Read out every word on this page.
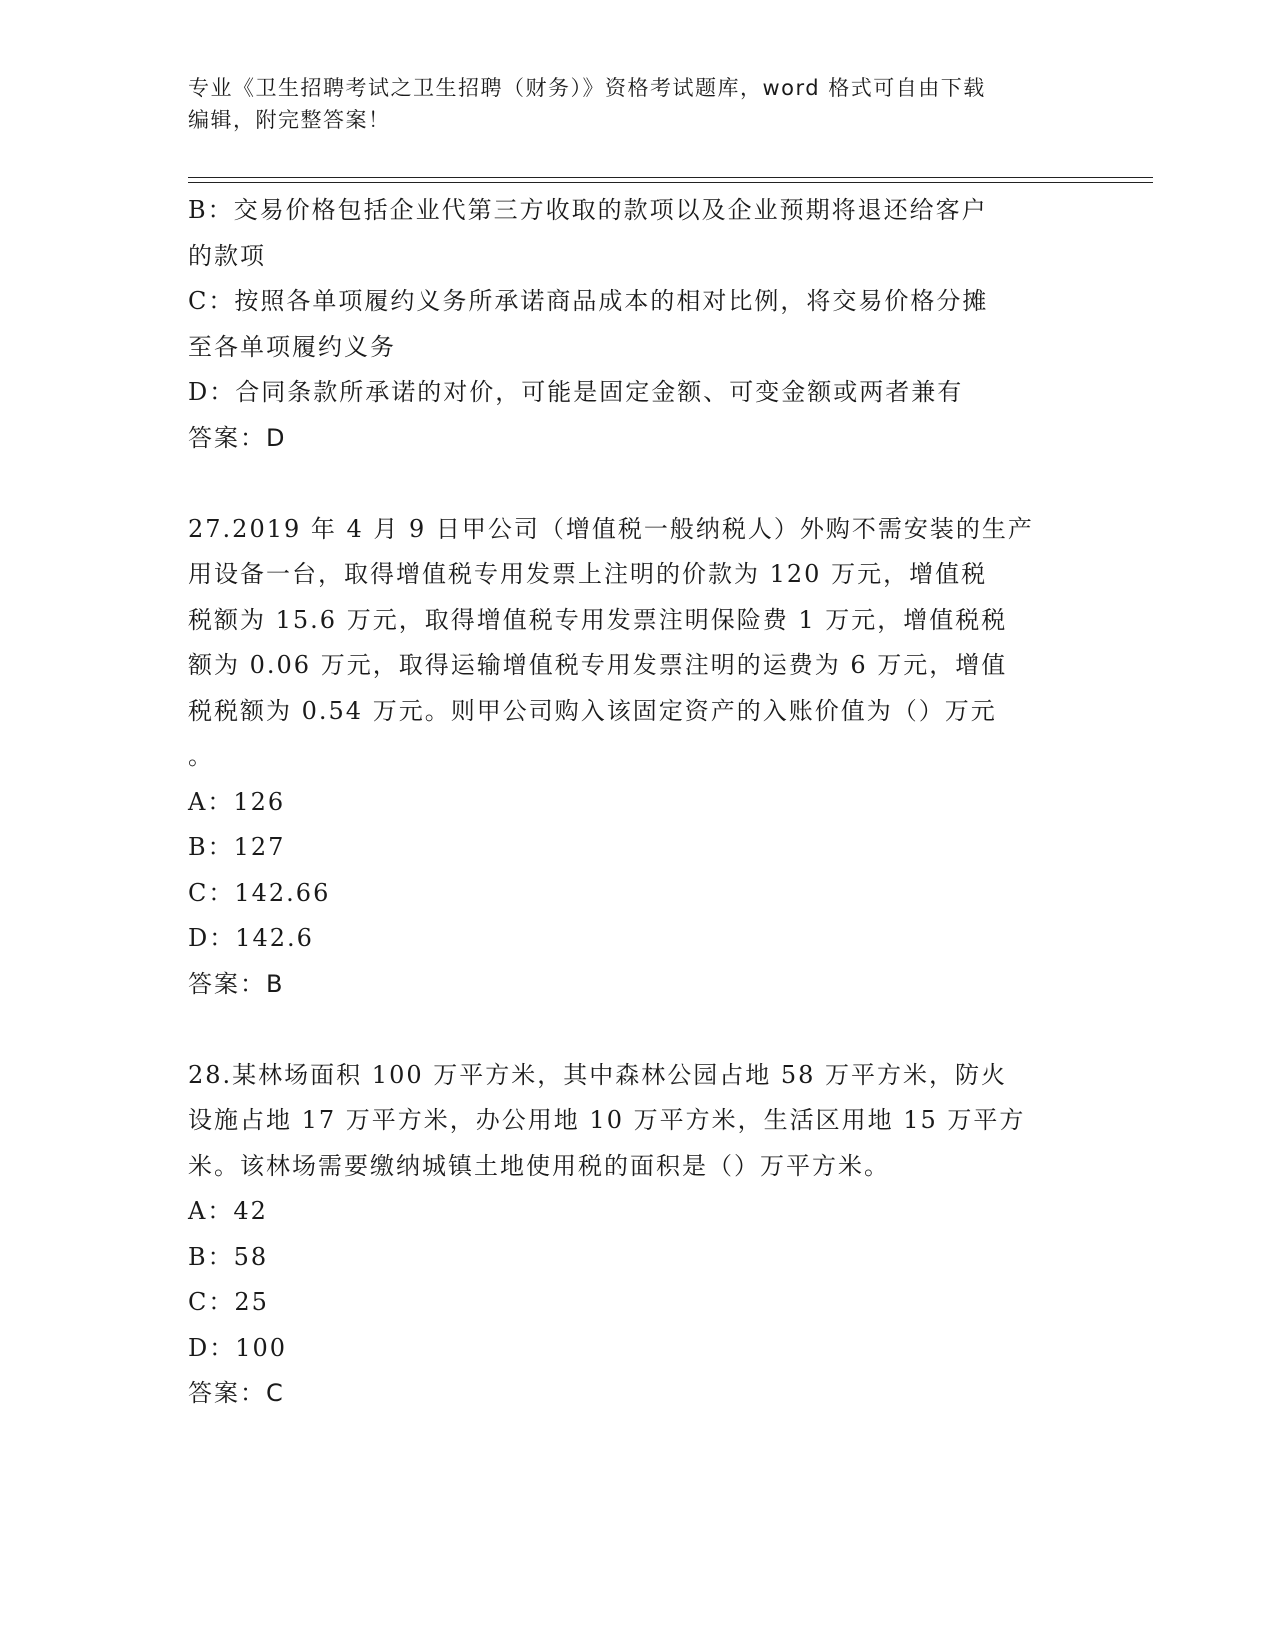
专业《卫生招聘考试之卫生招聘（财务）》资格考试题库，word 格式可自由下载
编辑，附完整答案！
B：交易价格包括企业代第三方收取的款项以及企业预期将退还给客户
的款项
C：按照各单项履约义务所承诺商品成本的相对比例，将交易价格分摊
至各单项履约义务
D：合同条款所承诺的对价，可能是固定金额、可变金额或两者兼有
答案：D
27.2019 年 4 月 9 日甲公司（增值税一般纳税人）外购不需安装的生产
用设备一台，取得增值税专用发票上注明的价款为 120 万元，增值税
税额为 15.6 万元，取得增值税专用发票注明保险费 1 万元，增值税税
额为 0.06 万元，取得运输增值税专用发票注明的运费为 6 万元，增值
税税额为 0.54 万元。则甲公司购入该固定资产的入账价值为（）万元
。
A：126
B：127
C：142.66
D：142.6
答案：B
28.某林场面积 100 万平方米，其中森林公园占地 58 万平方米，防火
设施占地 17 万平方米，办公用地 10 万平方米，生活区用地 15 万平方
米。该林场需要缴纳城镇土地使用税的面积是（）万平方米。
A：42
B：58
C：25
D：100
答案：C
